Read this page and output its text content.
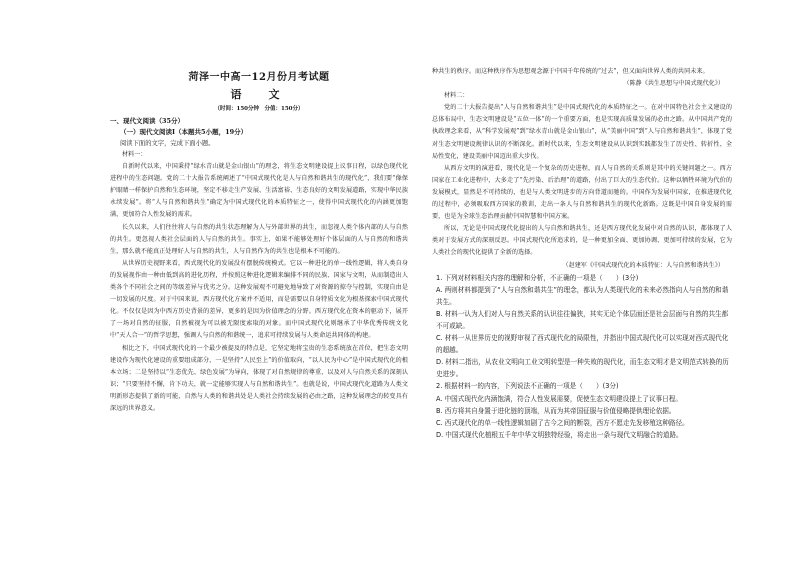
菏泽一中高一12月份月考试题

语　文

（时间：150分钟　分值：150分）

一、现代文阅读（35分）

（一）现代文阅读Ⅰ（本题共5小题，19分）

阅读下面的文字，完成下面小题。

材料一：

自新时代以来，中国秉持“绿水青山就是金山银山”的理念，将生态文明建设提上议事日程，以绿色现代化进程中的生态问题。党的二十大报告系统阐述了“中国式现代化是人与自然和谐共生的现代化”，我们要“像保护眼睛一样保护自然和生态环境，坚定不移走生产发展、生活富裕、生态良好的文明发展道路，实现中华民族永续发展”。将“人与自然和谐共生”确定为中国式现代化的本质特征之一，使得中国式现代化的内涵更加饱满，更加符合人性发展的需求。

长久以来，人们往往将人与自然的共生状态理解为人与外部世界的共生，而忽视人类个体内部的人与自然的共生。更忽视人类社会层面的人与自然的共生。事实上，如果不能够处理好个体层面的人与自然的和谐共生，那么就不能真正处理好人与自然的共生，人与自然作为的共生也是根本不可能的。

从世界历史视野来看，西式现代化的发展没有摆脱传统模式。它以一种进化的单一线性逻辑，将人类自身的发展视作由一种由低到高的进化历程，并按照这种进化逻辑来编排不同的民族、国家与文明，从而制造出人类各个不同社会之间的等级差异与优劣之分。这种发展观不可避免地导致了对资源的掠夺与控制，实现自由是一切发展的尺度。对于中国来说，西方现代化方案并不适用，而是需要以自身特质文化为根基探索中国式现代化。不仅仅是因为中西方历史背景的差异，更多的是因为价值理念的分野。西方现代化在资本的驱动下，展开了一场对自然的征服，自然被视为可以被无限度索取的对象。而中国式现代化则继承了中华优秀传统文化中“天人合一”的哲学思想，强调人与自然的和谐统一，追求可持续发展与人类命运共同体的构建。

相比之下，中国式现代化的一个最少被提及的特点是，它坚定地将宝贵的生态系统放在首位，把生态文明建设作为现代化建设的重要组成部分，一是坚持“人民至上”的价值取向，“以人民为中心”是中国式现代化的根本立场；二是坚持以“生态优先、绿色发展”为导向，体现了对自然规律的尊重，以及对人与自然关系的深刻认识；“只要坚持不懈，肯下功夫，就一定能够实现人与自然和谐共生”。也就是说，中国式现代化道路为人类文明新形态提供了新的可能，自然与人类的和谐共处是人类社会持续发展的必由之路，这种发展理念的转变具有深远的世界意义。

种共生的秩序。而这种秩序作为思想观念源于中国千年传统的“过去”，但又面向世界人类的共同未来。

（陈静《共生思想与中国式现代化》）

材料二：

党的二十大报告提出“人与自然和谐共生”是中国式现代化的本质特征之一。在对中国特色社会主义建设的总体布局中，生态文明建设是“五位一体”的一个重要方面，也是实现高质量发展的必由之路。从中国共产党的执政理念来看，从“科学发展观”到“绿水青山就是金山银山”，从“美丽中国”到“人与自然和谐共生”，体现了党对生态文明建设规律认识的不断深化。新时代以来，生态文明建设从认识到实践都发生了历史性、转折性、全局性变化，建设美丽中国迈出重大步伐。

从西方文明的演进看，现代化是一个复杂的历史进程，而人与自然的关系则是其中的关键问题之一。西方国家在工业化进程中，大多走了“先污染、后治理”的道路，付出了巨大的生态代价。这种以牺牲环境为代价的发展模式，显然是不可持续的，也是与人类文明进步的方向背道而驰的。中国作为发展中国家，在推进现代化的过程中，必须吸取西方国家的教训，走出一条人与自然和谐共生的现代化新路。这既是中国自身发展的需要，也是为全球生态治理贡献中国智慧和中国方案。

所以，无论是中国式现代化提出的人与自然和谐共生，还是西方现代化发展中对自然的认识，都体现了人类对于发展方式的深刻反思。中国式现代化所追求的，是一种更加全面、更加协调、更加可持续的发展，它为人类社会的现代化提供了全新的选择。

（赵建军《中国式现代化的本质特征：人与自然和谐共生》）

1. 下列对材料相关内容的理解和分析，不正确的一项是（　　）(3分)

A. 两则材料都提到了“人与自然和谐共生”的理念，都认为人类现代化的未来必然指向人与自然的和谐共生。

B. 材料一认为人们对人与自然关系的认识往往偏狭，其实无论个体层面还是社会层面与自然的共生都不可或缺。

C. 材料一从世界历史的视野审视了西式现代化的局限性，并指出中国式现代化可以实现对西式现代化的超越。

D. 材料二指出，从农业文明向工业文明转型是一种失败的现代化，而生态文明才是文明范式转换的历史进步。

2. 根据材料一的内容，下列说法不正确的一项是（　　）(3分)

A. 中国式现代化内涵饱满，符合人性发展需要，促使生态文明建设提上了议事日程。

B. 西方将其自身置于进化链的顶端，从而为其帝国征服与价值侵略提供理论依据。

C. 西式现代化的单一线性逻辑加剧了古今之间的断裂，西方不愿走先发移殖这种路径。

D. 中国式现代化植根五千年中华文明独特经验，将走出一条与现代文明融合的道路。
